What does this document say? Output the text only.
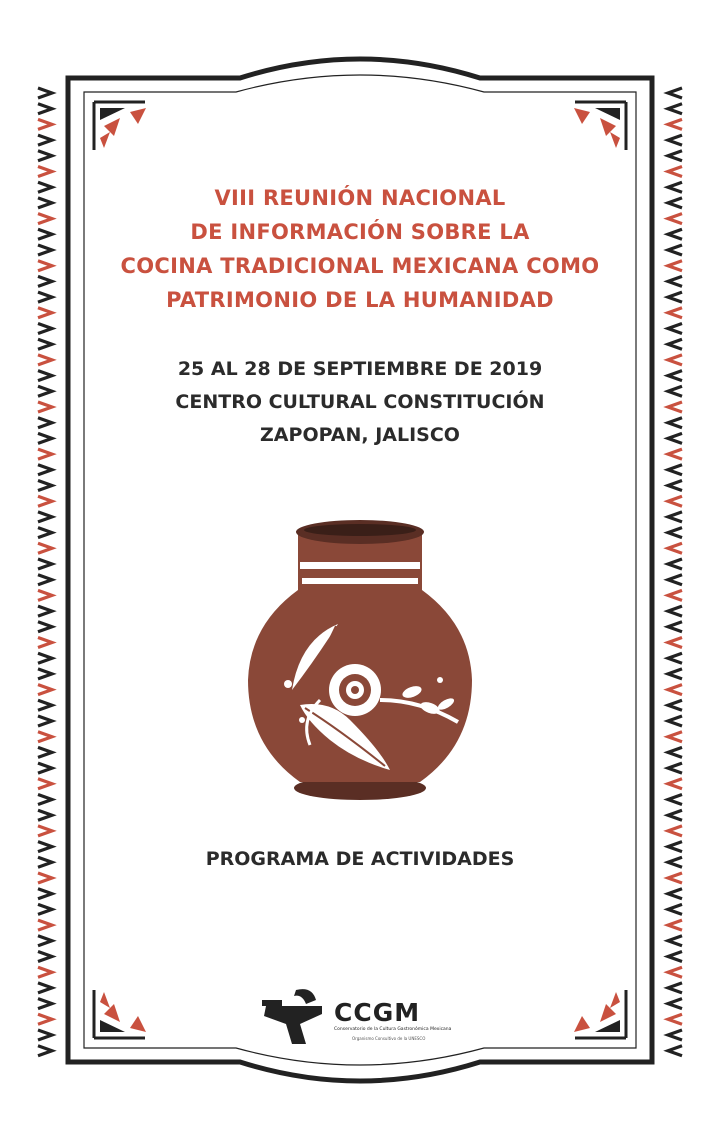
VIII REUNIÓN NACIONAL
DE INFORMACIÓN SOBRE LA
COCINA TRADICIONAL MEXICANA COMO
PATRIMONIO DE LA HUMANIDAD
25 AL 28 DE SEPTIEMBRE DE 2019
CENTRO CULTURAL CONSTITUCIÓN
ZAPOPAN, JALISCO
PROGRAMA DE ACTIVIDADES
CCGM
Conservatorio de la Cultura Gastronómica Mexicana
Organismo Consultivo de la UNESCO
